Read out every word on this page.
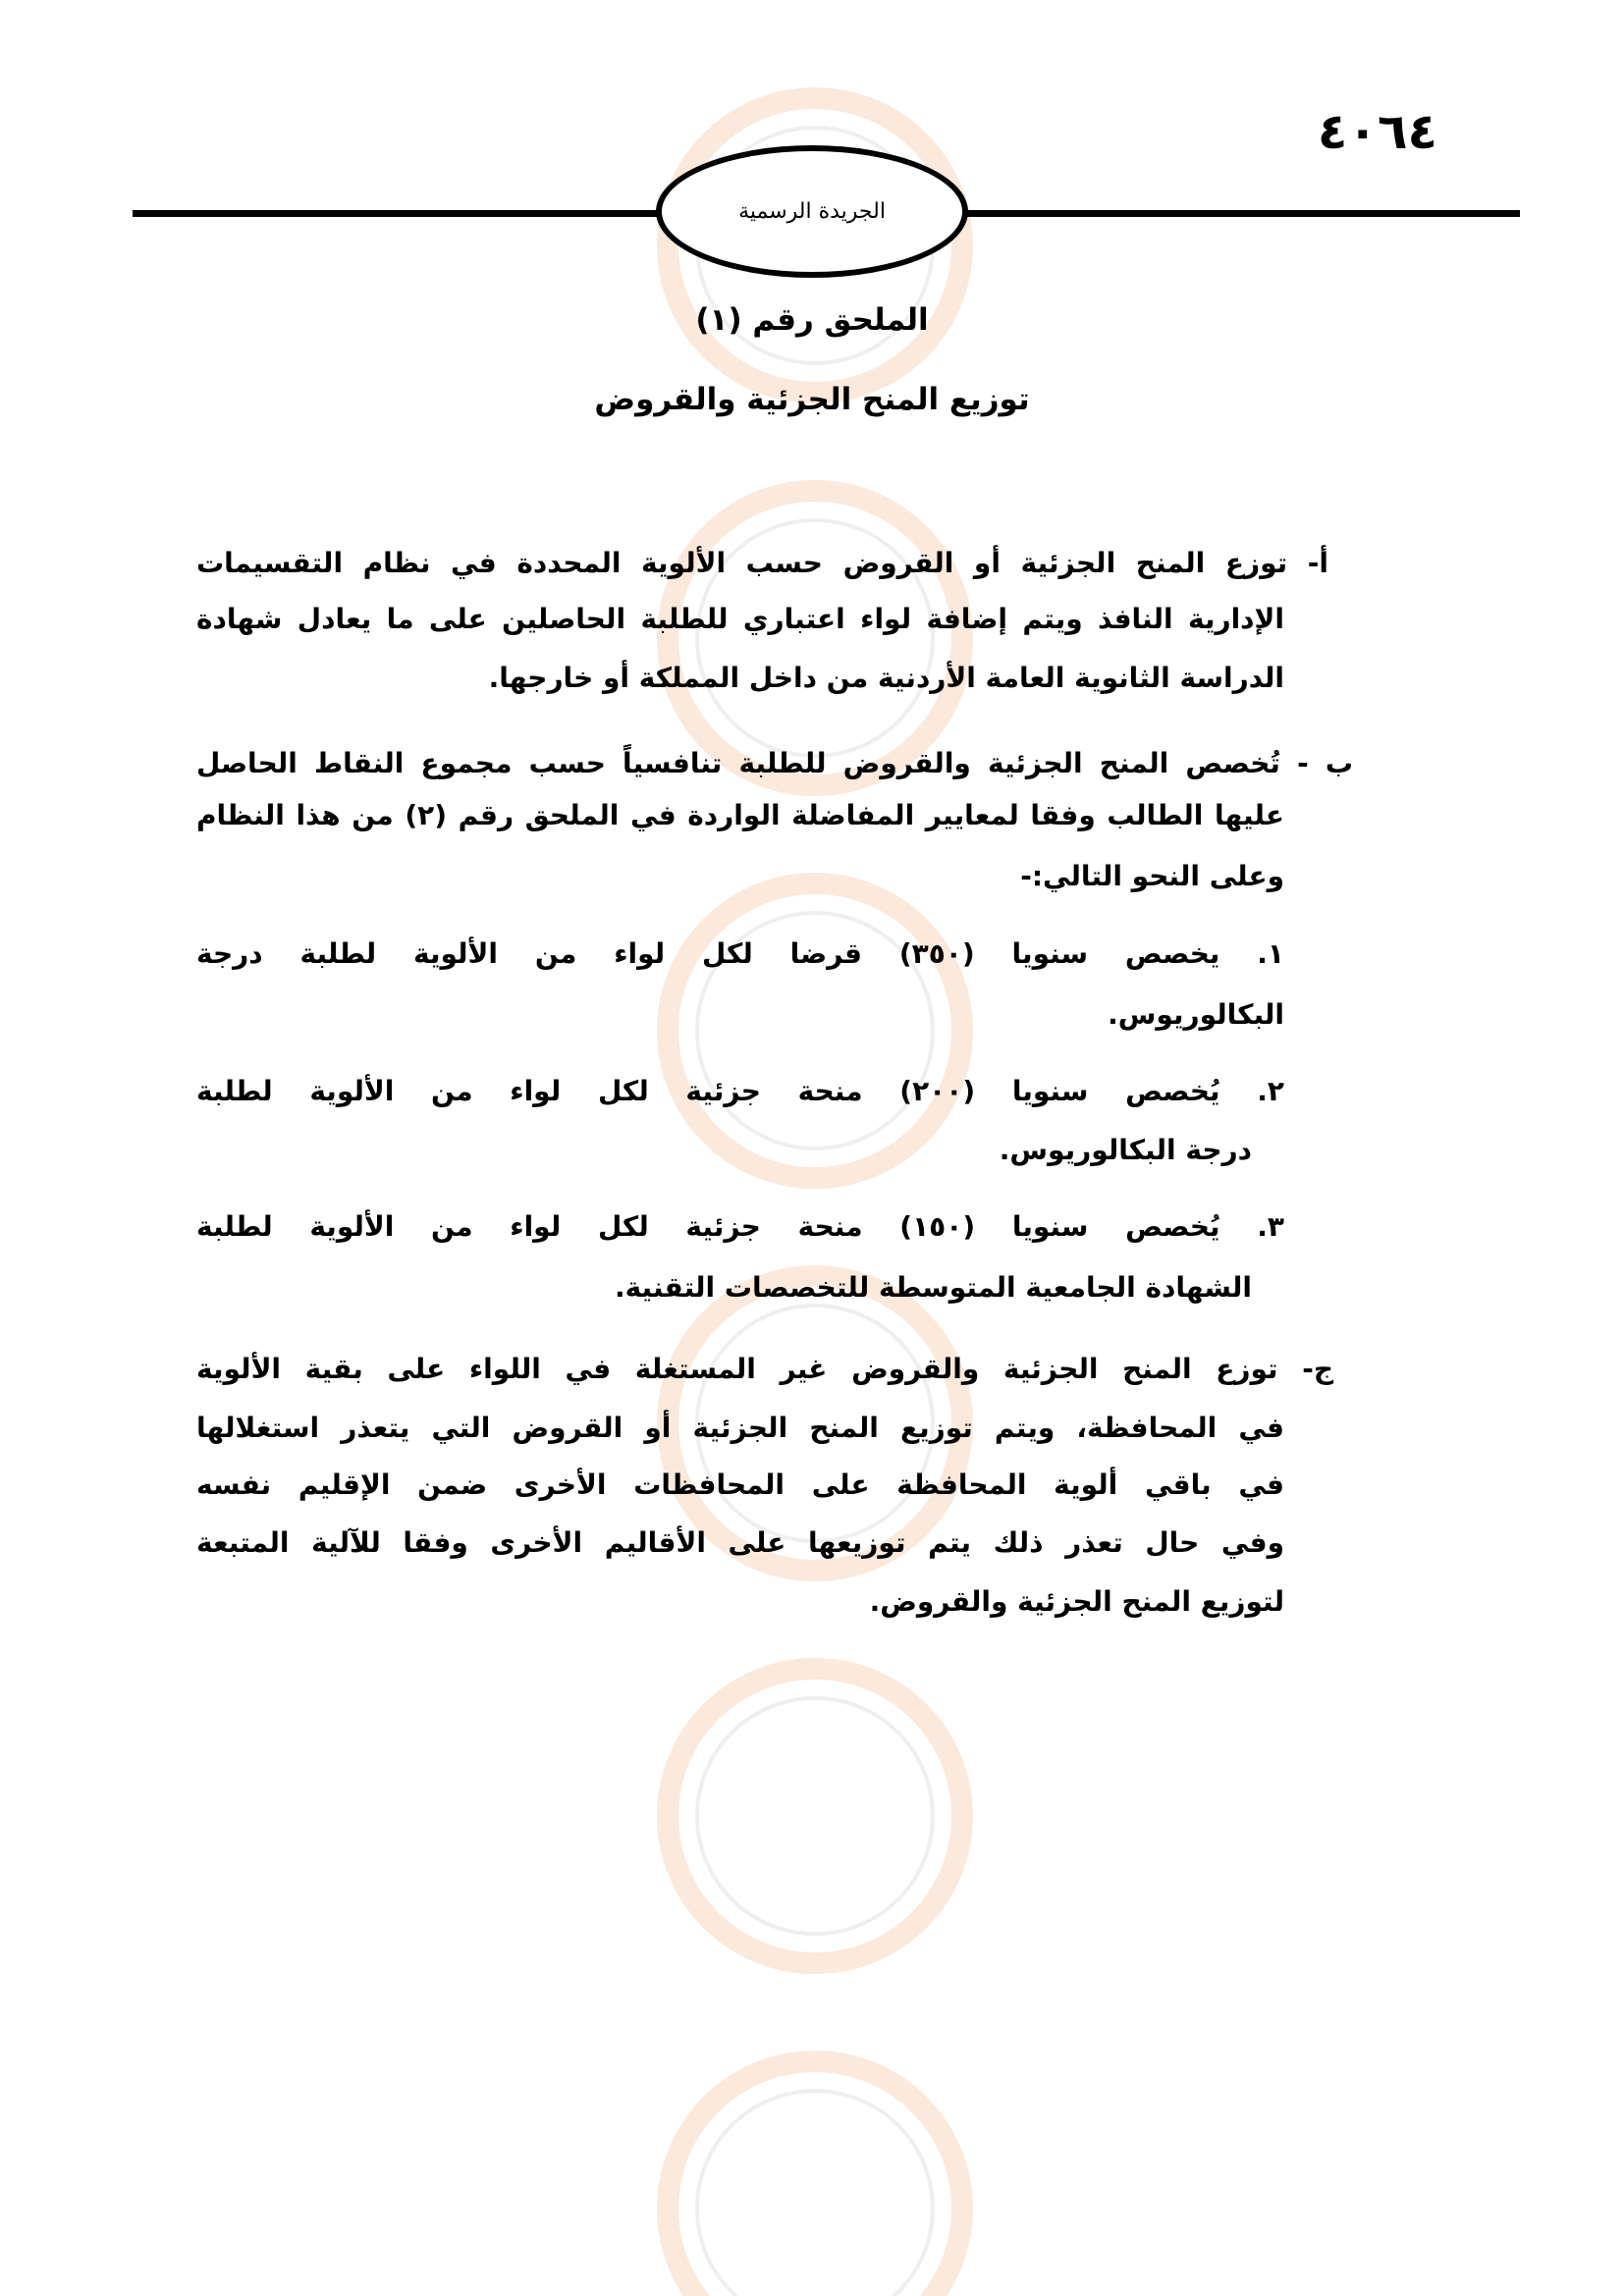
٤٠٦٤
الجريدة الرسمية
الملحق رقم (١)
توزيع المنح الجزئية والقروض
أ- توزع المنح الجزئية أو القروض حسب الألوية المحددة في نظام التقسيمات
الإدارية النافذ ويتم إضافة لواء اعتباري للطلبة الحاصلين على ما يعادل شهادة
الدراسة الثانوية العامة الأردنية من داخل المملكة أو خارجها.
ب - تُخصص المنح الجزئية والقروض للطلبة تنافسياً حسب مجموع النقاط الحاصل
عليها الطالب وفقا لمعايير المفاضلة الواردة في الملحق رقم (٢) من هذا النظام
وعلى النحو التالي:-
١. يخصص سنويا (٣٥٠) قرضا لكل لواء من الألوية لطلبة درجة
البكالوريوس.
٢. يُخصص سنويا (٢٠٠) منحة جزئية لكل لواء من الألوية لطلبة
درجة البكالوريوس.
٣. يُخصص سنويا (١٥٠) منحة جزئية لكل لواء من الألوية لطلبة
الشهادة الجامعية المتوسطة للتخصصات التقنية.
ج- توزع المنح الجزئية والقروض غير المستغلة في اللواء على بقية الألوية
في المحافظة، ويتم توزيع المنح الجزئية أو القروض التي يتعذر استغلالها
في باقي ألوية المحافظة على المحافظات الأخرى ضمن الإقليم نفسه
وفي حال تعذر ذلك يتم توزيعها على الأقاليم الأخرى وفقا للآلية المتبعة
لتوزيع المنح الجزئية والقروض.
